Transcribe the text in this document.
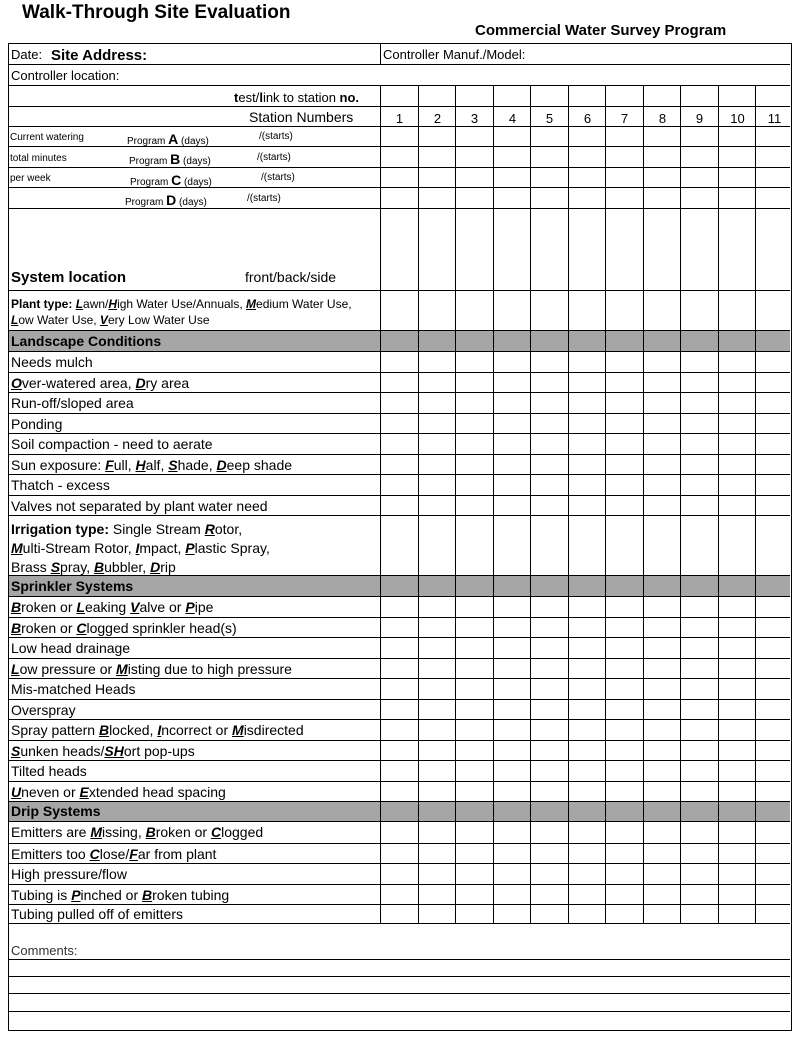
Walk-Through Site Evaluation
Commercial Water Survey Program
Date: Site Address:	Controller Manuf./Model:
Controller location:
test/link to station no.
Station Numbers	1	2	3	4	5	6	7	8	9	10	11
Current watering	Program A (days)	/(starts)
total minutes	Program B (days)	/(starts)
per week	Program C (days)	/(starts)
Program D (days)	/(starts)
System location	front/back/side
Plant type: Lawn/High Water Use/Annuals, Medium Water Use, Low Water Use, Very Low Water Use
Landscape Conditions
Needs mulch
Over-watered area, Dry area
Run-off/sloped area
Ponding
Soil compaction - need to aerate
Sun exposure: Full, Half, Shade, Deep shade
Thatch - excess
Valves not separated by plant water need
Irrigation type: Single Stream Rotor,
Multi-Stream Rotor, Impact, Plastic Spray,
Brass Spray, Bubbler, Drip
Sprinkler Systems
Broken or Leaking Valve or Pipe
Broken or Clogged sprinkler head(s)
Low head drainage
Low pressure or Misting due to high pressure
Mis-matched Heads
Overspray
Spray pattern Blocked, Incorrect or Misdirected
Sunken heads/SHort pop-ups
Tilted heads
Uneven or Extended head spacing
Drip Systems
Emitters are Missing, Broken or Clogged
Emitters too Close/Far from plant
High pressure/flow
Tubing is Pinched or Broken tubing
Tubing pulled off of emitters
Comments:
